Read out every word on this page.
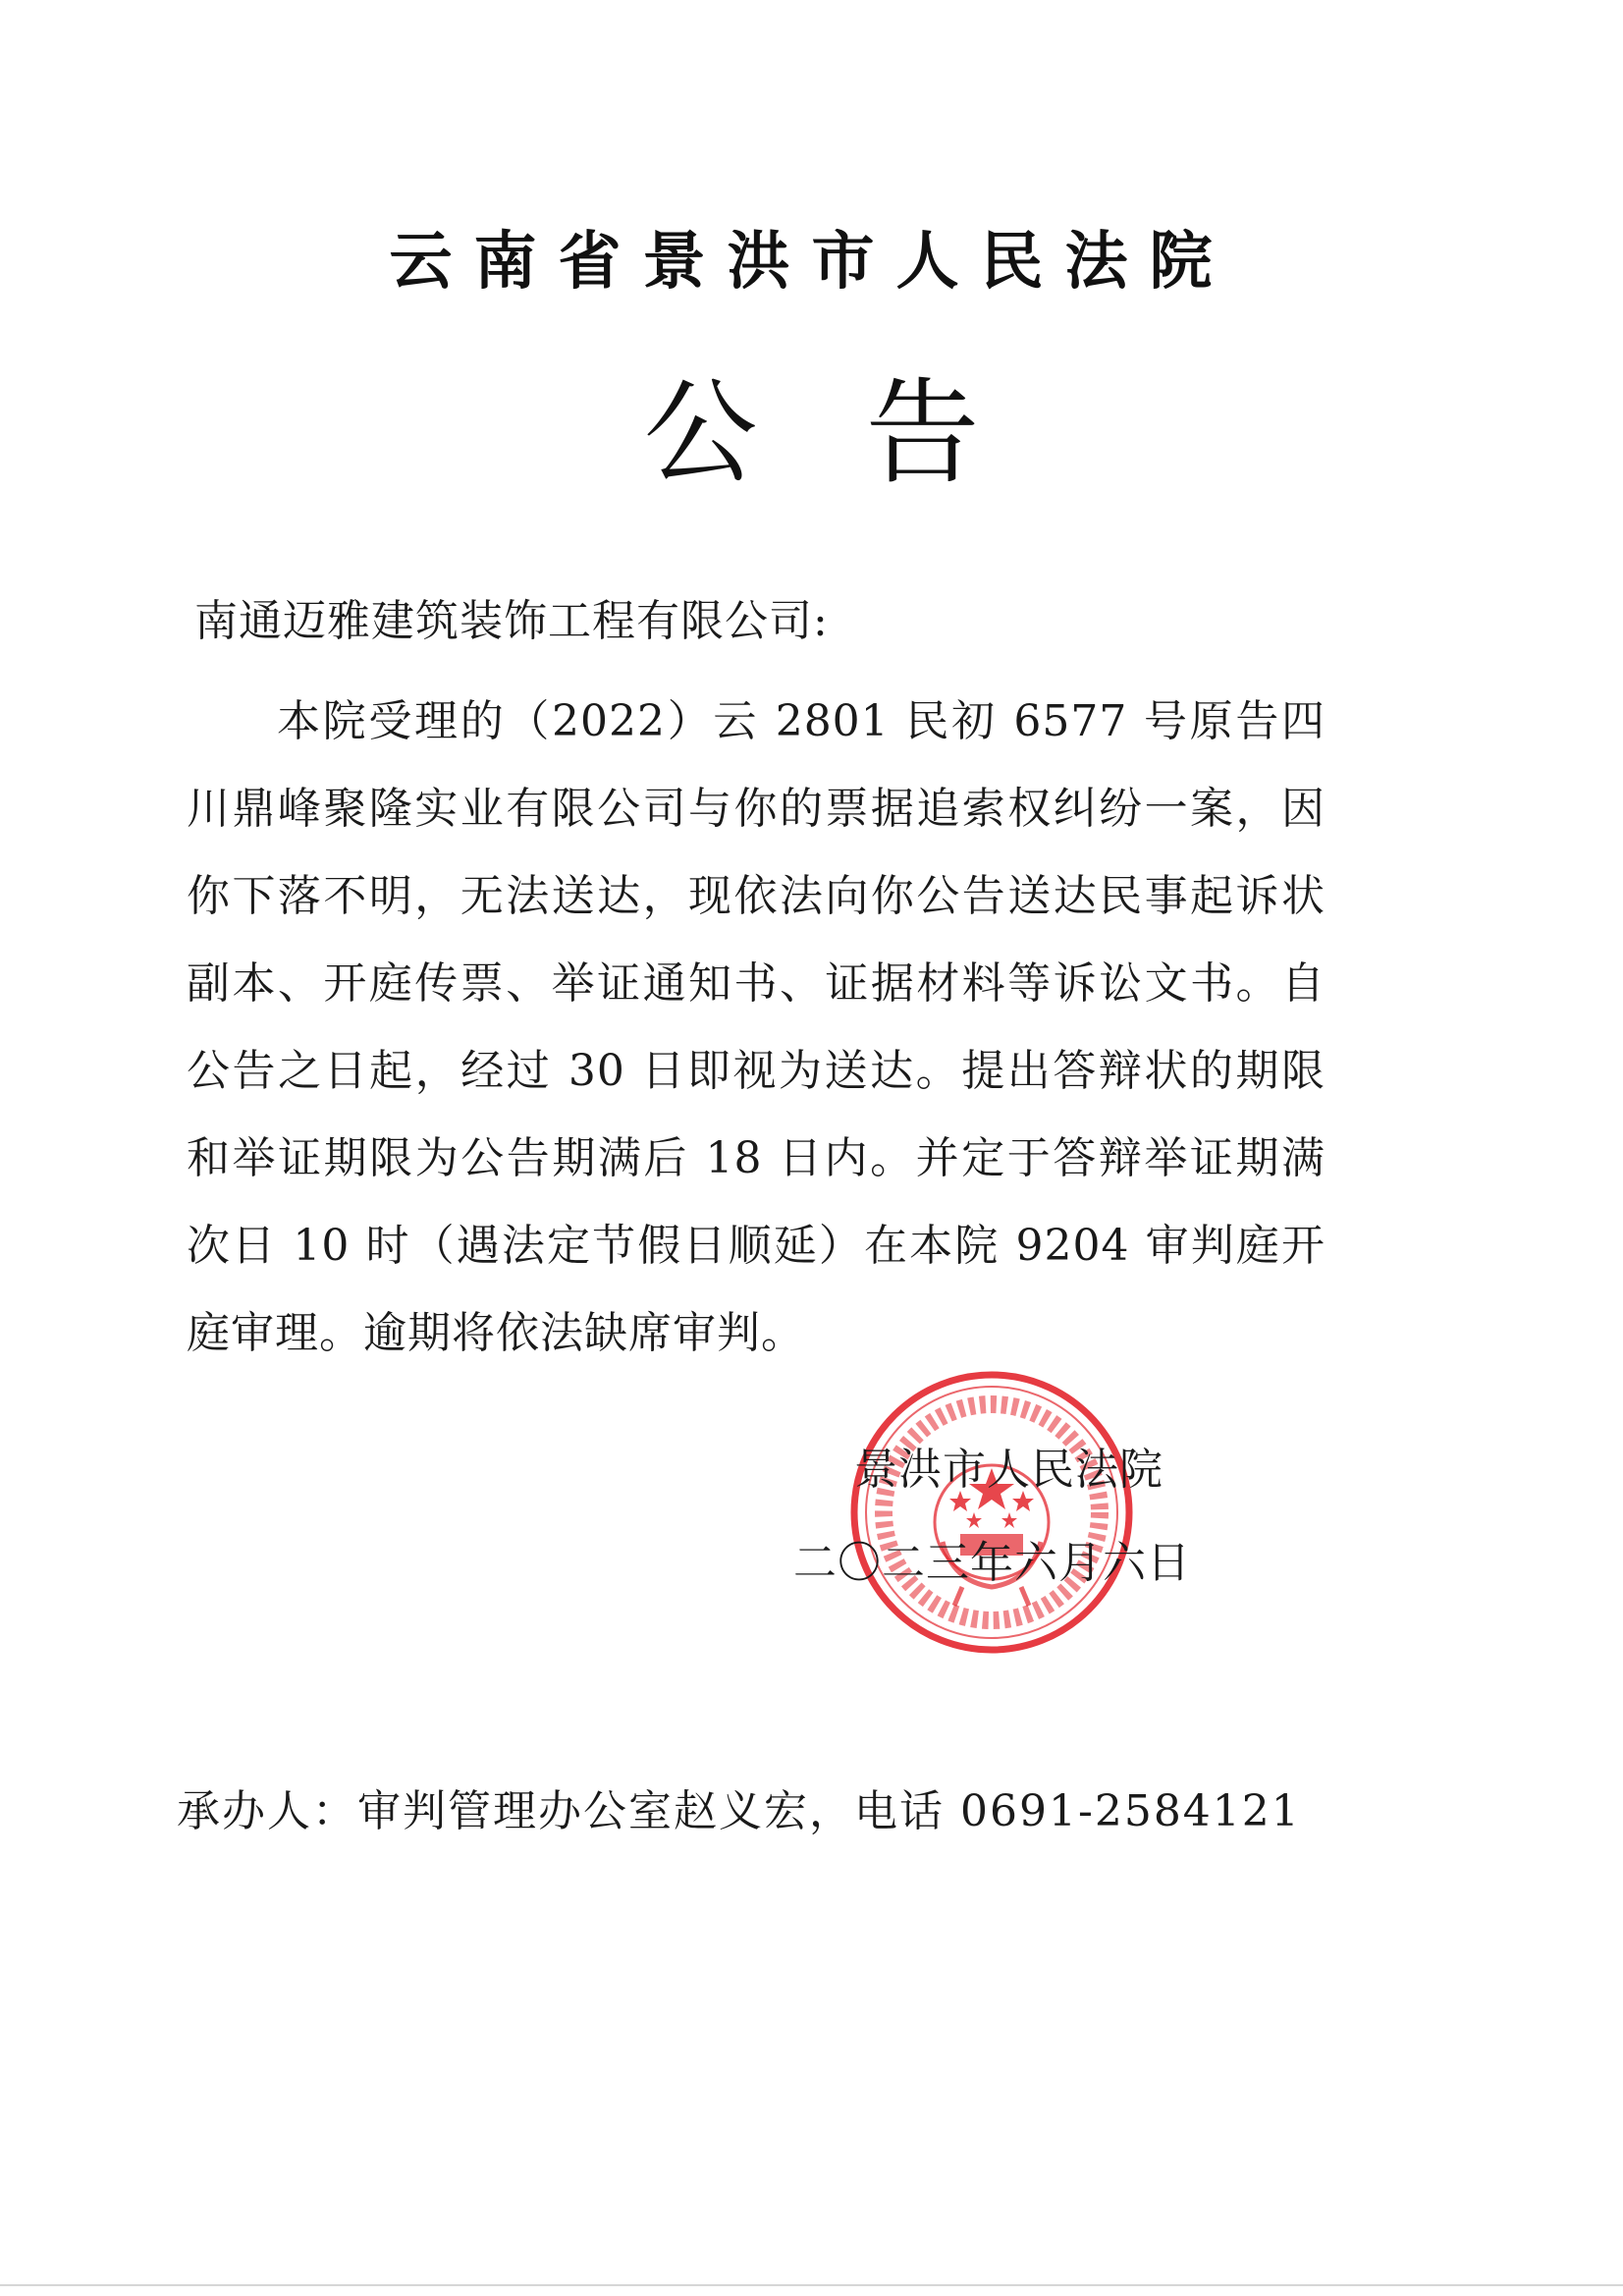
云南省景洪市人民法院
公告
南通迈雅建筑装饰工程有限公司:
本院受理的（2022）云 2801 民初 6577 号原告四川鼎峰聚隆实业有限公司与你的票据追索权纠纷一案，因你下落不明，无法送达，现依法向你公告送达民事起诉状副本、开庭传票、举证通知书、证据材料等诉讼文书。自公告之日起，经过 30 日即视为送达。提出答辩状的期限和举证期限为公告期满后 18 日内。并定于答辩举证期满次日 10 时（遇法定节假日顺延）在本院 9204 审判庭开庭审理。逾期将依法缺席审判。
景洪市人民法院
二〇二三年六月六日
承办人：审判管理办公室赵义宏，电话 0691-2584121
